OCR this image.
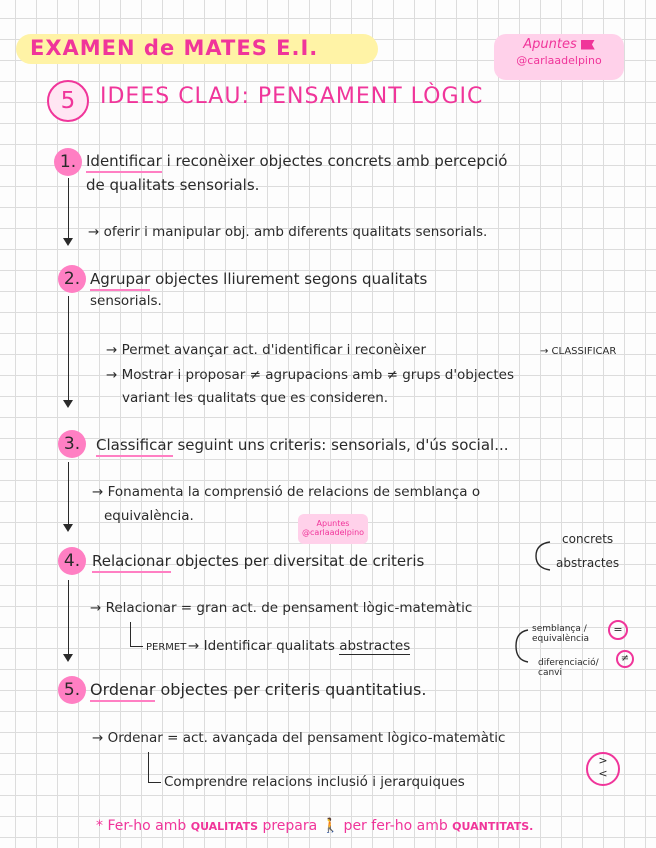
EXAMEN de MATES E.I.	Apuntes
@carlaadelpino
5	IDEES CLAU: PENSAMENT LÒGIC
1. Identificar i reconèixer objectes concrets amb percepció
de qualitats sensorials.
→ oferir i manipular obj. amb diferents qualitats sensorials.
2. Agrupar objectes lliurement segons qualitats
sensorials.
→ Permet avançar act. d'identificar i reconèixer	→ CLASSIFICAR
→ Mostrar i proposar ≠ agrupacions amb ≠ grups d'objectes
variant les qualitats que es consideren.
3.	Classificar seguint uns criteris: sensorials, d'ús social...
→ Fonamenta la comprensió de relacions de semblança o
equivalència.	Apuntes
@carlaadelpino
4. Relacionar objectes per diversitat de criteris
concrets
abstractes
→ Relacionar = gran act. de pensament lògic-matemàtic
PERMET → Identificar qualitats abstractes
semblança / equivalència
=
diferenciació/ canvi
≠
5. Ordenar objectes per criteris quantitatius.
→ Ordenar = act. avançada del pensament lògico-matemàtic
Comprendre relacions inclusió i jerarquiques
>
<
* Fer-ho amb QUALITATS prepara 🚶 per fer-ho amb QUANTITATS.
